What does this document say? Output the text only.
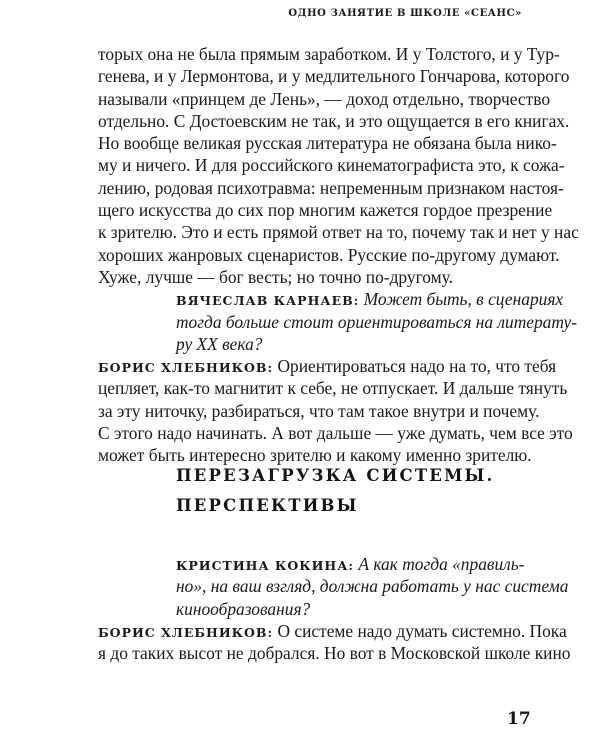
ОДНО ЗАНЯТИЕ В ШКОЛЕ «СЕАНС»
торых она не была прямым заработком. И у Толстого, и у Тур-
генева, и у Лермонтова, и у медлительного Гончарова, которого
называли «принцем де Лень», — доход отдельно, творчество
отдельно. С Достоевским не так, и это ощущается в его книгах.
Но вообще великая русская литература не обязана была нико-
му и ничего. И для российского кинематографиста это, к сожа-
лению, родовая психотравма: непременным признаком настоя-
щего искусства до сих пор многим кажется гордое презрение
к зрителю. Это и есть прямой ответ на то, почему так и нет у нас
хороших жанровых сценаристов. Русские по-другому думают.
Хуже, лучше — бог весть; но точно по-другому.
ВЯЧЕСЛАВ КАРНАЕВ: Может быть, в сценариях
тогда больше стоит ориентироваться на литерату-
ру XX века?
БОРИС ХЛЕБНИКОВ: Ориентироваться надо на то, что тебя
цепляет, как-то магнитит к себе, не отпускает. И дальше тянуть
за эту ниточку, разбираться, что там такое внутри и почему.
С этого надо начинать. А вот дальше — уже думать, чем все это
может быть интересно зрителю и какому именно зрителю.
ПЕРЕЗАГРУЗКА СИСТЕМЫ.
ПЕРСПЕКТИВЫ
КРИСТИНА КОКИНА: А как тогда «правиль-
но», на ваш взгляд, должна работать у нас система
кинообразования?
БОРИС ХЛЕБНИКОВ: О системе надо думать системно. Пока
я до таких высот не добрался. Но вот в Московской школе кино
17
